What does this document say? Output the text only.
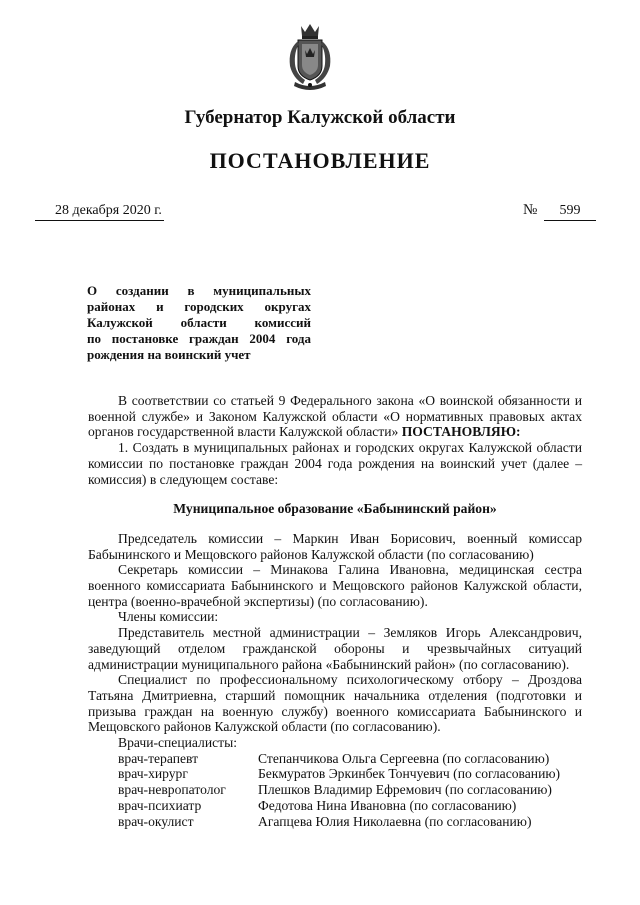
Губернатор Калужской области
ПОСТАНОВЛЕНИЕ
28 декабря 2020 г.	№	599
О создании в муниципальных
районах и городских округах
Калужской области комиссий
по постановке граждан 2004 года
рождения на воинский учет

В соответствии со статьей 9 Федерального закона «О воинской обязанности и военной службе» и Законом Калужской области «О нормативных правовых актах органов государственной власти Калужской области» ПОСТАНОВЛЯЮ:

1. Создать в муниципальных районах и городских округах Калужской области комиссии по постановке граждан 2004 года рождения на воинский учет (далее – комиссия) в следующем составе:

Муниципальное образование «Бабынинский район»

Председатель комиссии – Маркин Иван Борисович, военный комиссар Бабынинского и Мещовского районов Калужской области (по согласованию)

Секретарь комиссии – Минакова Галина Ивановна, медицинская сестра военного комиссариата Бабынинского и Мещовского районов Калужской области, центра (военно-врачебной экспертизы) (по согласованию).

Члены комиссии:

Представитель местной администрации – Земляков Игорь Александрович, заведующий отделом гражданской обороны и чрезвычайных ситуаций администрации муниципального района «Бабынинский район» (по согласованию).

Специалист по профессиональному психологическому отбору – Дроздова Татьяна Дмитриевна, старший помощник начальника отделения (подготовки и призыва граждан на военную службу) военного комиссариата Бабынинского и Мещовского районов Калужской области (по согласованию).

Врачи-специалисты:

врач-терапевт	Степанчикова Ольга Сергеевна (по согласованию)
врач-хирург	Бекмуратов Эркинбек Тончуевич (по согласованию)
врач-невропатолог	Плешков Владимир Ефремович (по согласованию)
врач-психиатр	Федотова Нина Ивановна (по согласованию)
врач-окулист	Агапцева Юлия Николаевна (по согласованию)
